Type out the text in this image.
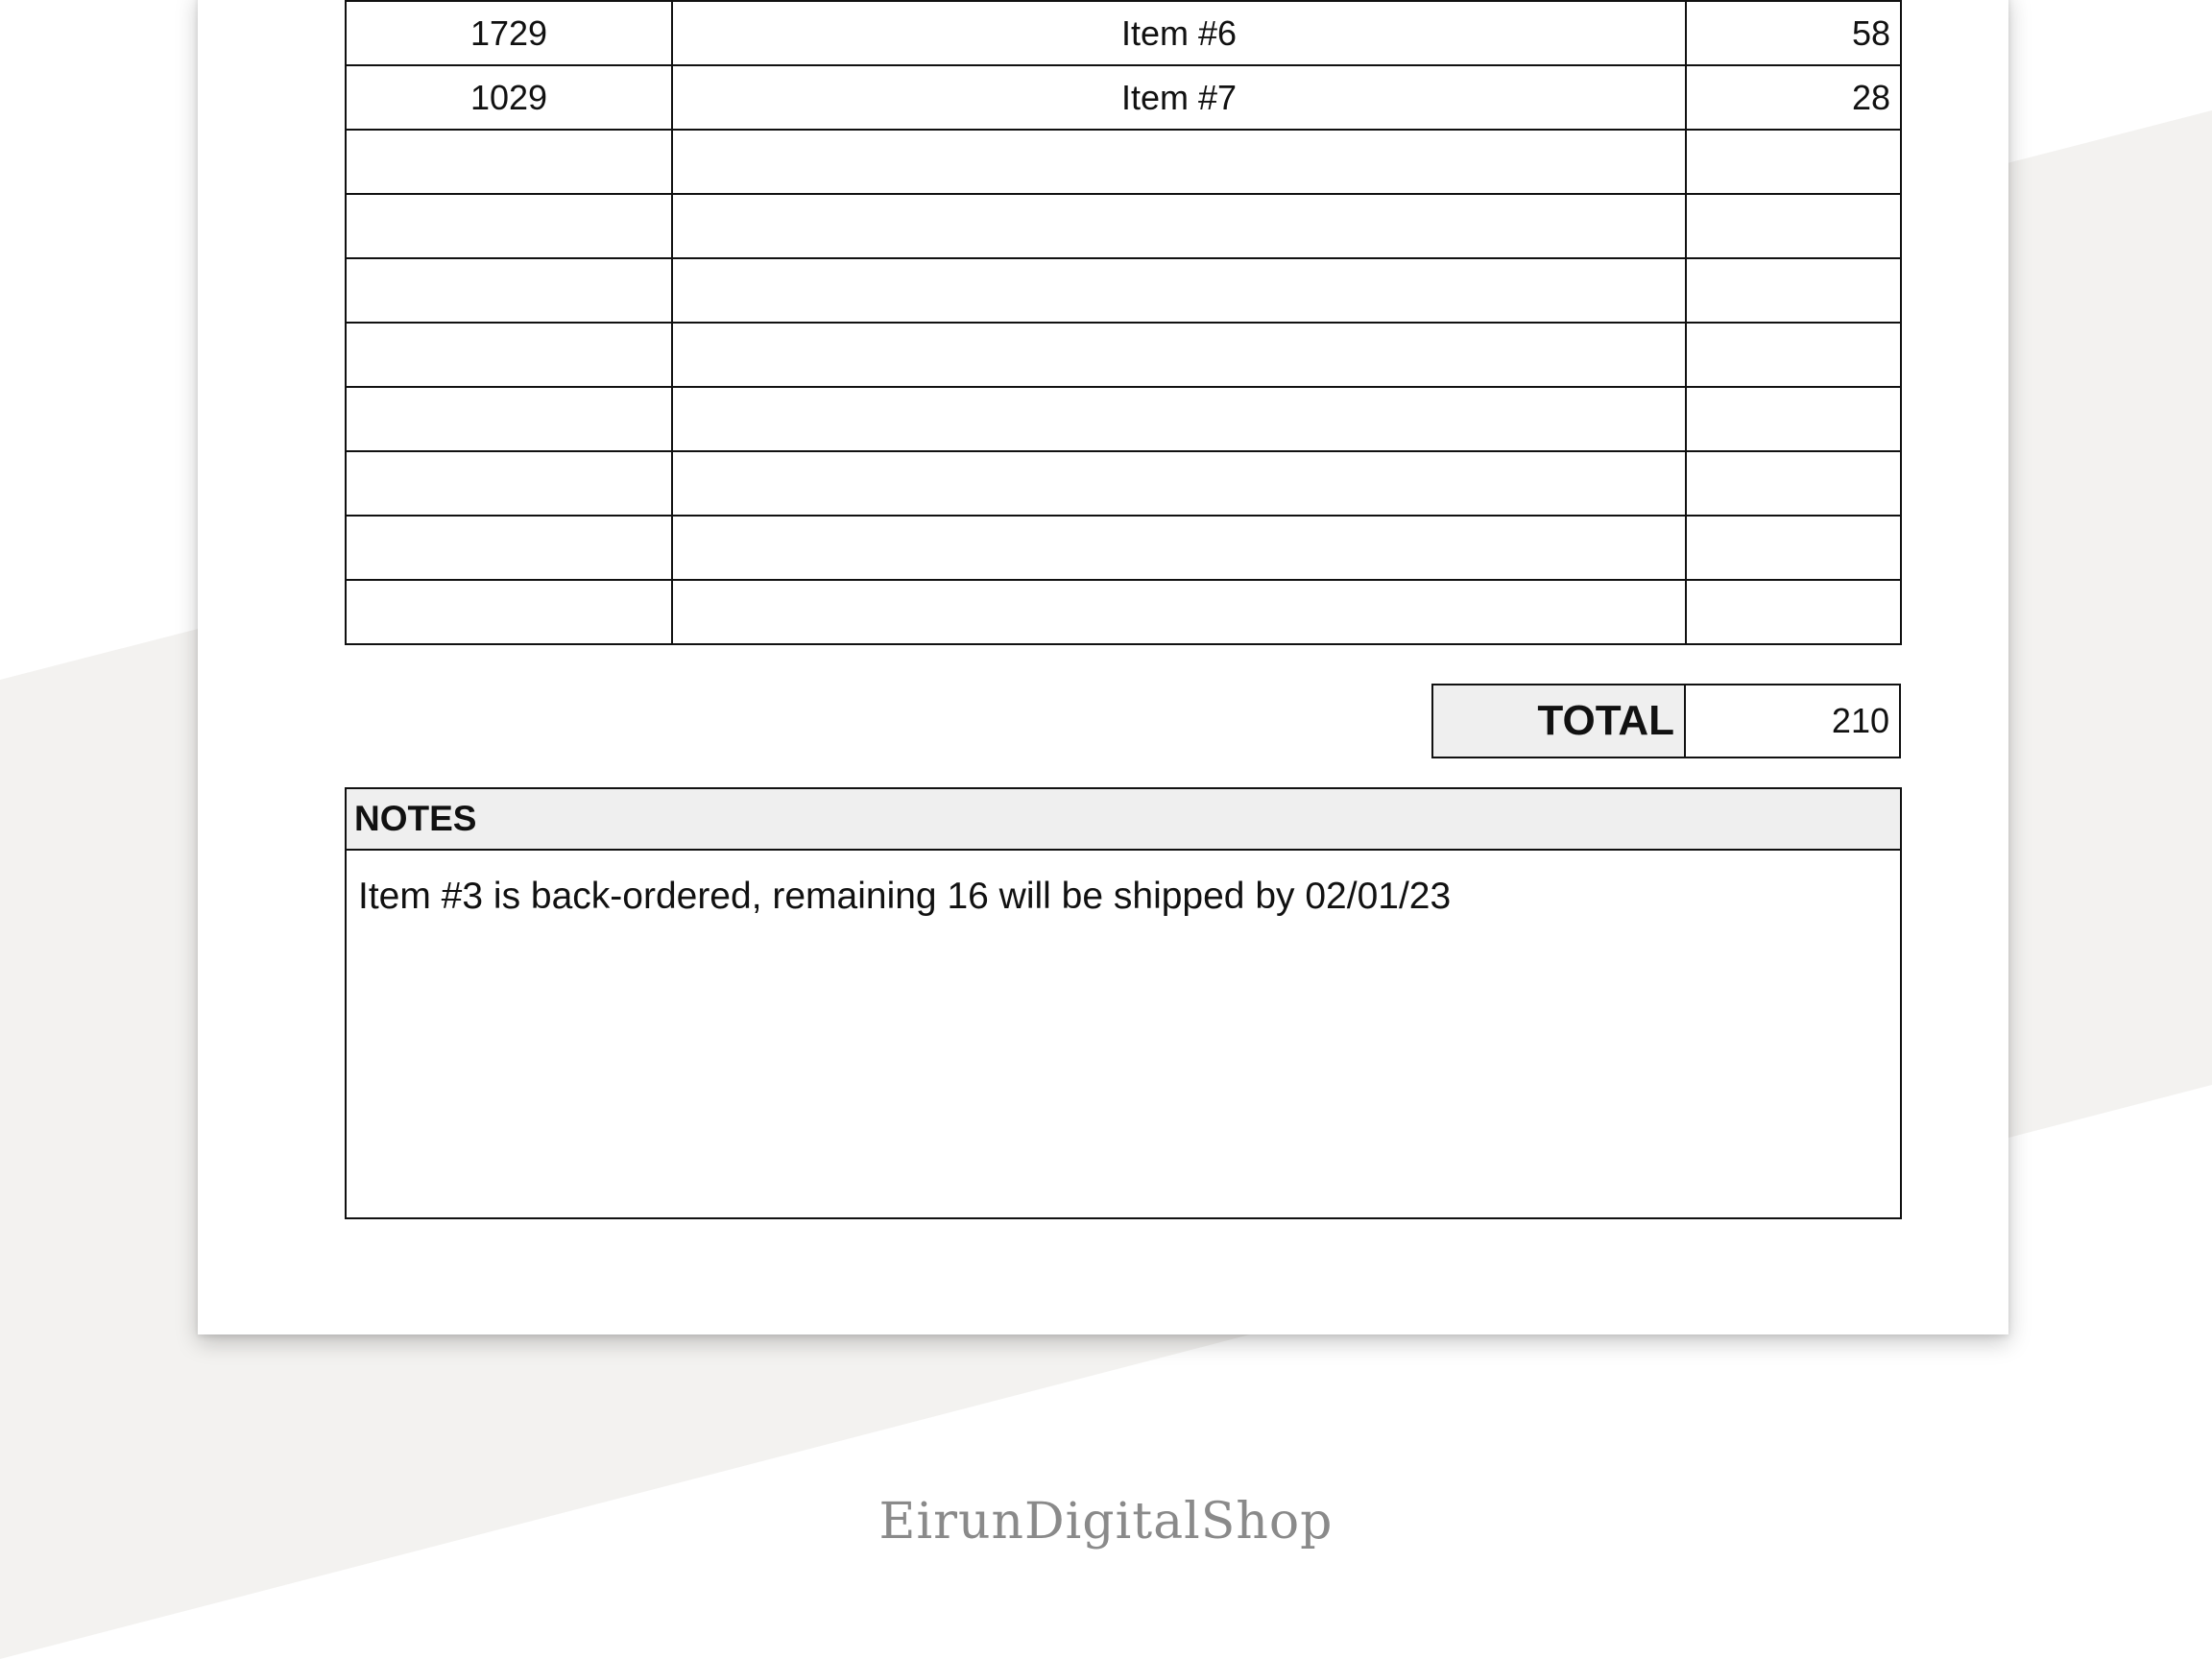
1729	Item #6	58
1029	Item #7	28

TOTAL	210
NOTES
Item #3 is back-ordered, remaining 16 will be shipped by 02/01/23
EirunDigitalShop
